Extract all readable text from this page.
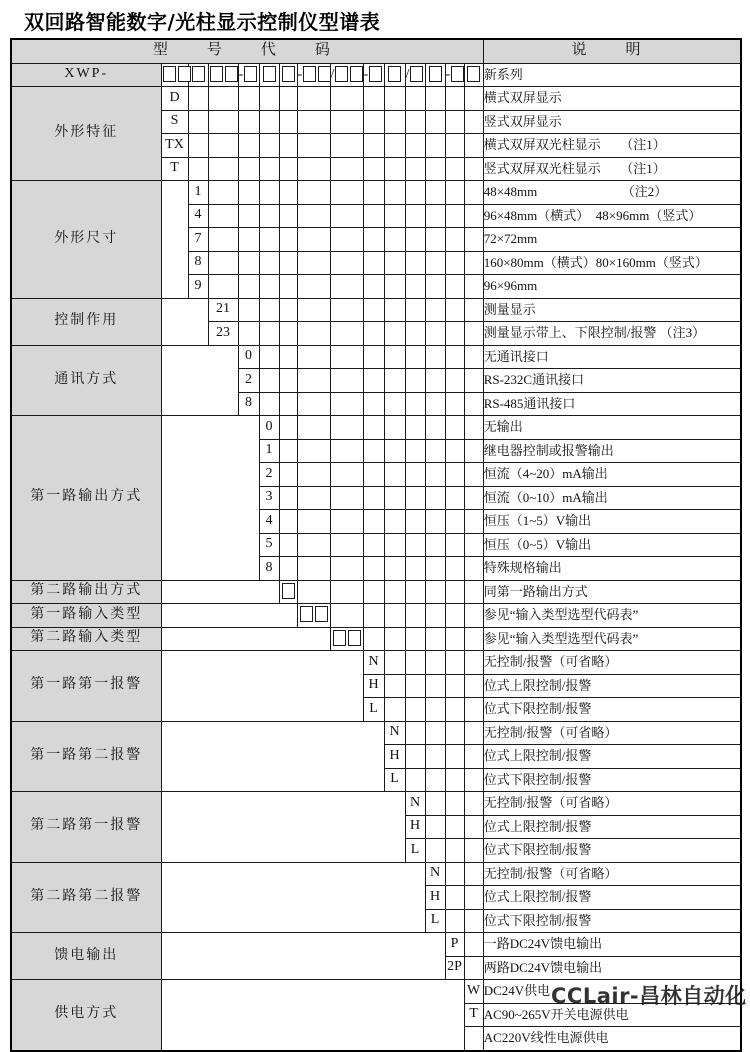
双回路智能数字/光柱显示控制仪型谱表
型　号　代　码															说　明
XWP-				-			-	/	-		/		-		新系列
外形特征	D														横式双屏显示
	S														竖式双屏显示
	TX														横式双屏双光柱显示　　（注1）
	T														竖式双屏双光柱显示　　（注1）
外形尺寸		1													48×48mm　　　　　　　（注2）
		4													96×48mm（横式）　48×96mm（竖式）
		7													72×72mm
		8													160×80mm（横式）80×160mm（竖式）
		9													96×96mm
控制作用			21												测量显示
			23												测量显示带上、下限控制/报警 （注3）
通讯方式				0											无通讯接口
				2											RS-232C通讯接口
				8											RS-485通讯接口
第一路输出方式					0										无输出
					1										继电器控制或报警输出
					2										恒流（4~20）mA输出
					3										恒流（0~10）mA输出
					4										恒压（1~5）V输出
					5										恒压（0~5）V输出
					8										特殊规格输出
第二路输出方式															同第一路输出方式
第一路输入类型															参见“输入类型选型代码表”
第二路输入类型															参见“输入类型选型代码表”
第一路第一报警									N						无控制/报警（可省略）
									H						位式上限控制/报警
									L						位式下限控制/报警
第一路第二报警										N					无控制/报警（可省略）
										H					位式上限控制/报警
										L					位式下限控制/报警
第二路第一报警											N				无控制/报警（可省略）
											H				位式上限控制/报警
											L				位式下限控制/报警
第二路第二报警												N			无控制/报警（可省略）
												H			位式上限控制/报警
												L			位式下限控制/报警
馈电输出													P		一路DC24V馈电输出
													2P		两路DC24V馈电输出
供电方式														W	DC24V供电
														T	AC90~265V开关电源供电
															AC220V线性电源供电
CCLair-昌林自动化
